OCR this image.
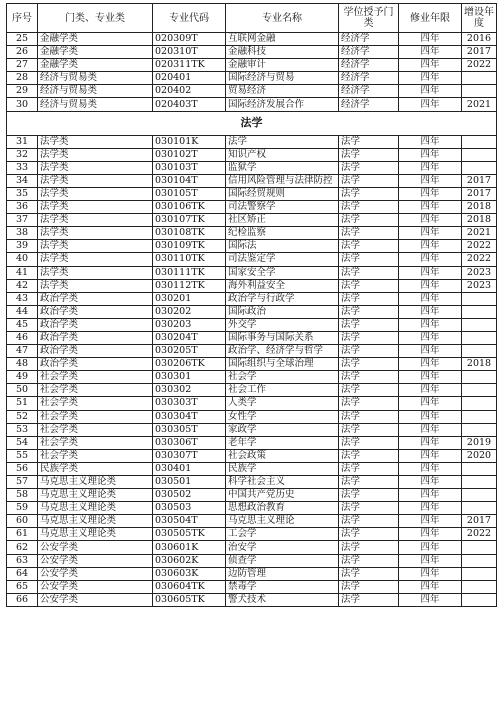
序号	门类、专业类	专业代码	专业名称	学位授予门类	修业年限	增设年度
25	金融学类	020309T	互联网金融	经济学	四年	2016
26	金融学类	020310T	金融科技	经济学	四年	2017
27	金融学类	020311TK	金融审计	经济学	四年	2022
28	经济与贸易类	020401	国际经济与贸易	经济学	四年	
29	经济与贸易类	020402	贸易经济	经济学	四年	
30	经济与贸易类	020403T	国际经济发展合作	经济学	四年	2021
法学						
31	法学类	030101K	法学	法学	四年	
32	法学类	030102T	知识产权	法学	四年	
33	法学类	030103T	监狱学	法学	四年	
34	法学类	030104T	信用风险管理与法律防控	法学	四年	2017
35	法学类	030105T	国际经贸规则	法学	四年	2017
36	法学类	030106TK	司法警察学	法学	四年	2018
37	法学类	030107TK	社区矫正	法学	四年	2018
38	法学类	030108TK	纪检监察	法学	四年	2021
39	法学类	030109TK	国际法	法学	四年	2022
40	法学类	030110TK	司法鉴定学	法学	四年	2022
41	法学类	030111TK	国家安全学	法学	四年	2023
42	法学类	030112TK	海外利益安全	法学	四年	2023
43	政治学类	030201	政治学与行政学	法学	四年	
44	政治学类	030202	国际政治	法学	四年	
45	政治学类	030203	外交学	法学	四年	
46	政治学类	030204T	国际事务与国际关系	法学	四年	
47	政治学类	030205T	政治学、经济学与哲学	法学	四年	
48	政治学类	030206TK	国际组织与全球治理	法学	四年	2018
49	社会学类	030301	社会学	法学	四年	
50	社会学类	030302	社会工作	法学	四年	
51	社会学类	030303T	人类学	法学	四年	
52	社会学类	030304T	女性学	法学	四年	
53	社会学类	030305T	家政学	法学	四年	
54	社会学类	030306T	老年学	法学	四年	2019
55	社会学类	030307T	社会政策	法学	四年	2020
56	民族学类	030401	民族学	法学	四年	
57	马克思主义理论类	030501	科学社会主义	法学	四年	
58	马克思主义理论类	030502	中国共产党历史	法学	四年	
59	马克思主义理论类	030503	思想政治教育	法学	四年	
60	马克思主义理论类	030504T	马克思主义理论	法学	四年	2017
61	马克思主义理论类	030505TK	工会学	法学	四年	2022
62	公安学类	030601K	治安学	法学	四年	
63	公安学类	030602K	侦查学	法学	四年	
64	公安学类	030603K	边防管理	法学	四年	
65	公安学类	030604TK	禁毒学	法学	四年	
66	公安学类	030605TK	警犬技术	法学	四年	
